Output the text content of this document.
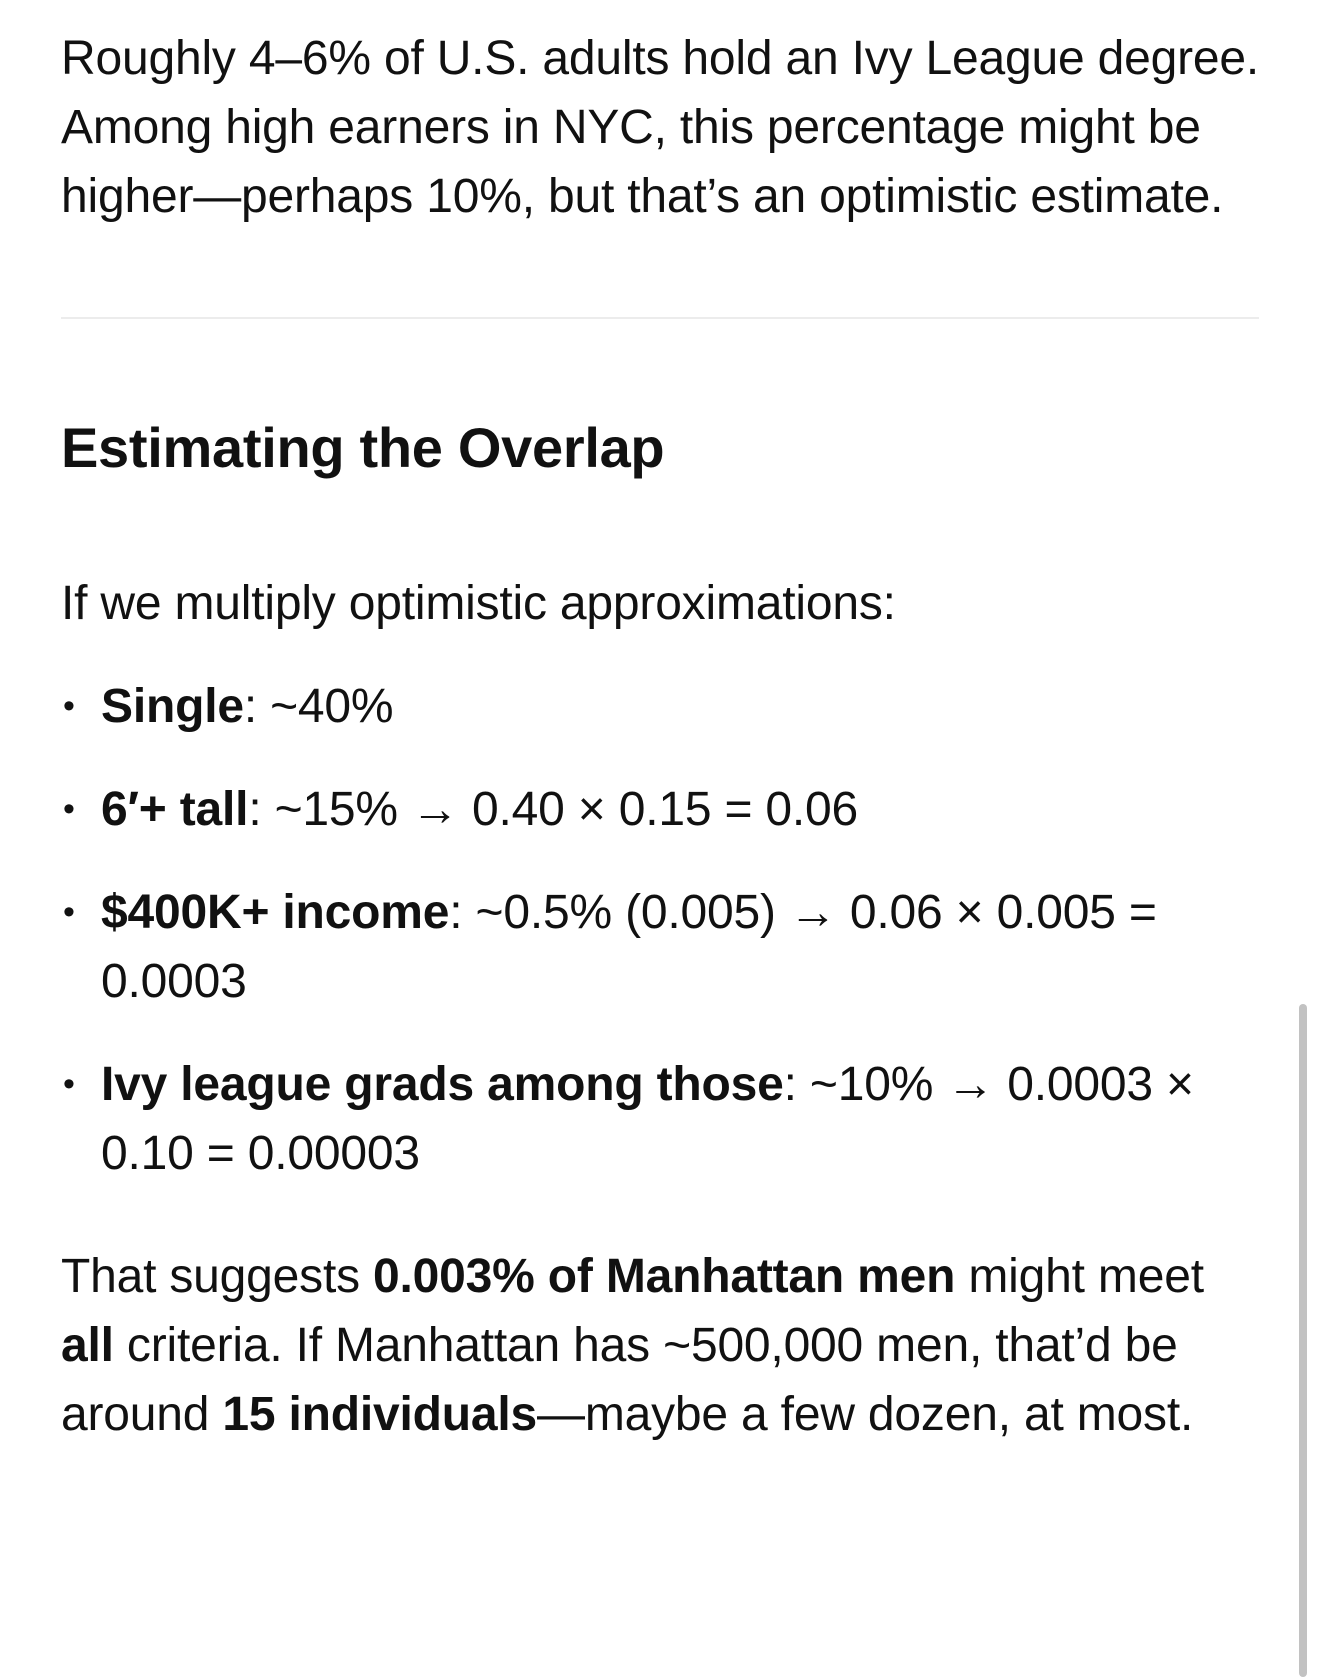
Roughly 4–6% of U.S. adults hold an Ivy League degree. Among high earners in NYC, this percentage might be higher—perhaps 10%, but that’s an optimistic estimate.

Estimating the Overlap

If we multiply optimistic approximations:

• Single: ~40%
• 6′+ tall: ~15% → 0.40 × 0.15 = 0.06
• $400K+ income: ~0.5% (0.005) → 0.06 × 0.005 = 0.0003
• Ivy league grads among those: ~10% → 0.0003 × 0.10 = 0.00003

That suggests 0.003% of Manhattan men might meet all criteria. If Manhattan has ~500,000 men, that’d be around 15 individuals—maybe a few dozen, at most.
